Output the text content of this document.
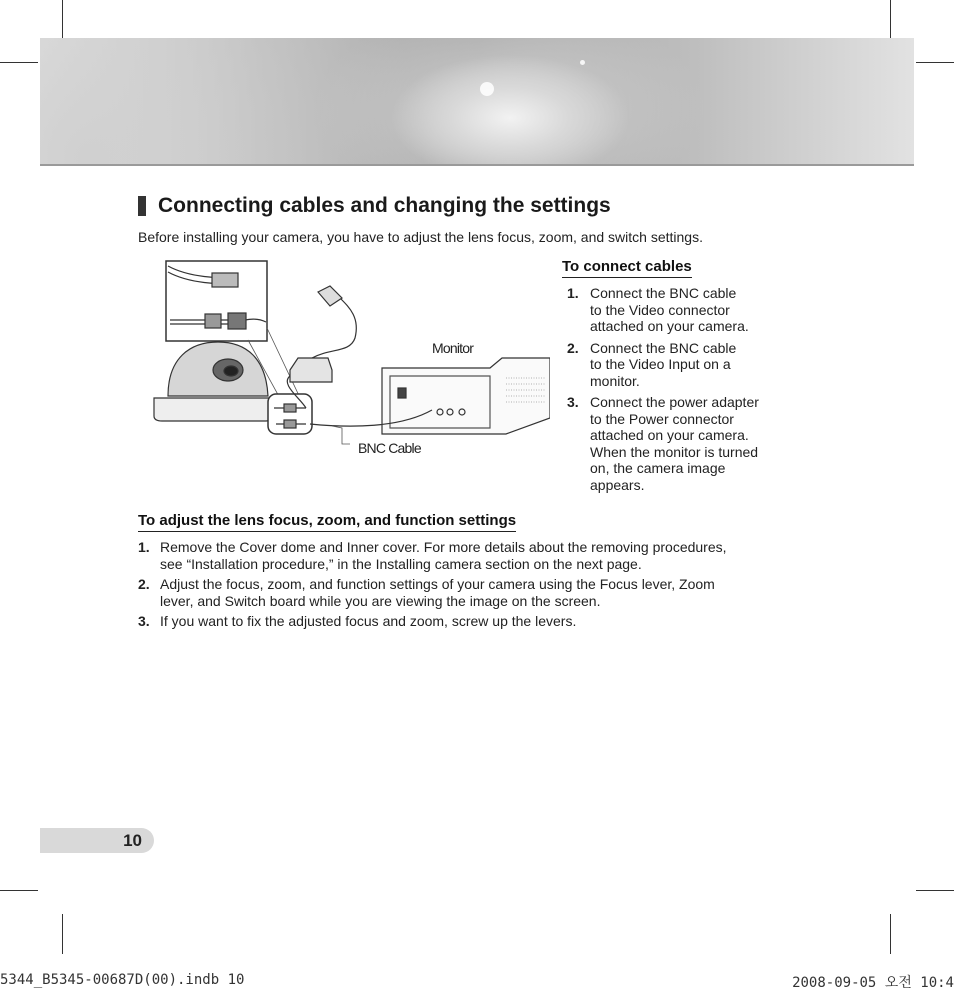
Connecting cables and changing the settings
Before installing your camera, you have to adjust the lens focus, zoom, and switch settings.
Monitor
BNC Cable
To connect cables
1. Connect the BNC cable
to the Video connector
attached on your camera.
2. Connect the BNC cable
to the Video Input on a
monitor.
3. Connect the power adapter
to the Power connector
attached on your camera.
When the monitor is turned
on, the camera image
appears.
To adjust the lens focus, zoom, and function settings
1. Remove the Cover dome and Inner cover. For more details about the removing procedures,
see “Installation procedure,” in the Installing camera section on the next page.
2. Adjust the focus, zoom, and function settings of your camera using the Focus lever, Zoom
lever, and Switch board while you are viewing the image on the screen.
3. If you want to fix the adjusted focus and zoom, screw up the levers.
10
5344_B5345-00687D(00).indb 10	2008-09-05 오전 10:4
